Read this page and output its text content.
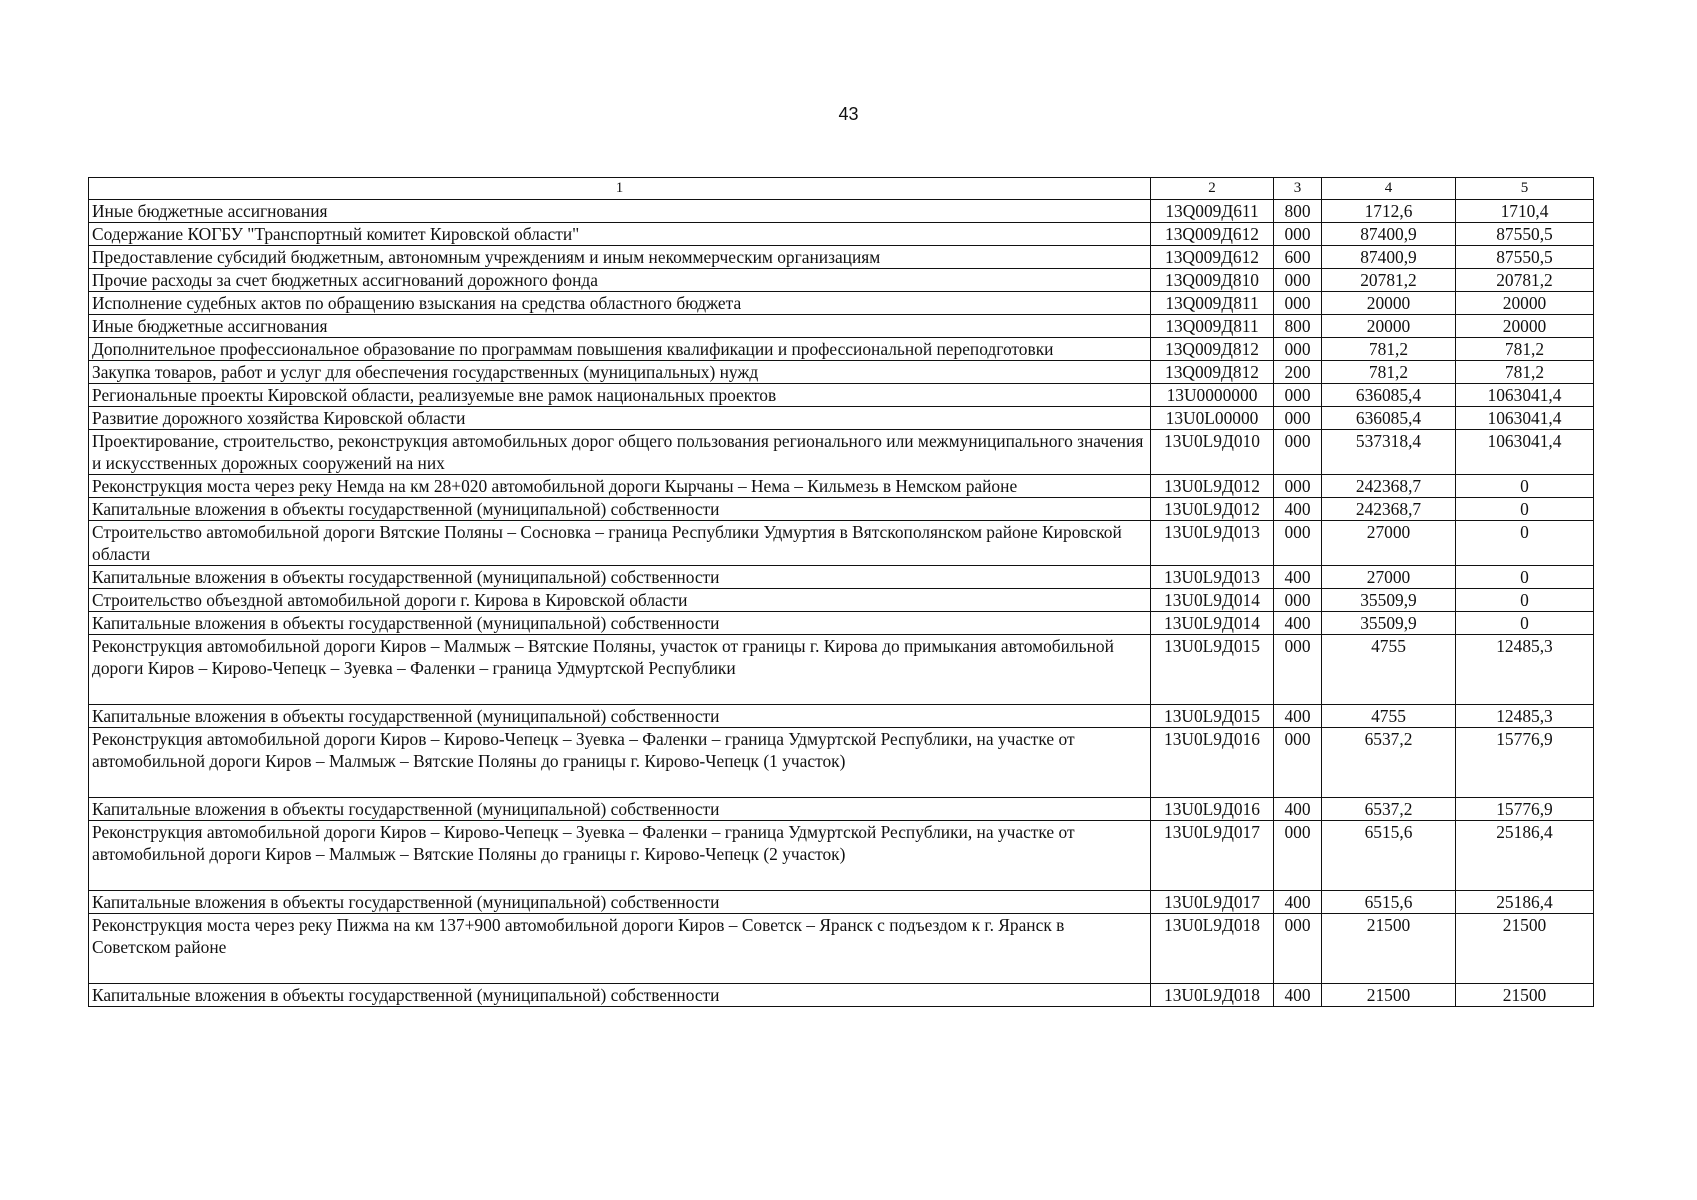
43
1	2	3	4	5
Иные бюджетные ассигнования	13Q009Д611	800	1712,6	1710,4
Содержание КОГБУ "Транспортный комитет Кировской области"	13Q009Д612	000	87400,9	87550,5
Предоставление субсидий бюджетным, автономным учреждениям и иным некоммерческим организациям	13Q009Д612	600	87400,9	87550,5
Прочие расходы за счет бюджетных ассигнований дорожного фонда	13Q009Д810	000	20781,2	20781,2
Исполнение судебных актов по обращению взыскания на средства областного бюджета	13Q009Д811	000	20000	20000
Иные бюджетные ассигнования	13Q009Д811	800	20000	20000
Дополнительное профессиональное образование по программам повышения квалификации и профессиональной переподготовки	13Q009Д812	000	781,2	781,2
Закупка товаров, работ и услуг для обеспечения государственных (муниципальных) нужд	13Q009Д812	200	781,2	781,2
Региональные проекты Кировской области, реализуемые вне рамок национальных проектов	13U0000000	000	636085,4	1063041,4
Развитие дорожного хозяйства Кировской области	13U0L00000	000	636085,4	1063041,4
Проектирование, строительство, реконструкция автомобильных дорог общего пользования регионального или межмуниципального значения и искусственных дорожных сооружений на них	13U0L9Д010	000	537318,4	1063041,4
Реконструкция моста через реку Немда на км 28+020 автомобильной дороги Кырчаны – Нема – Кильмезь в Немском районе	13U0L9Д012	000	242368,7	0
Капитальные вложения в объекты государственной (муниципальной) собственности	13U0L9Д012	400	242368,7	0
Строительство автомобильной дороги Вятские Поляны – Сосновка – граница Республики Удмуртия в Вятскополянском районе Кировской области	13U0L9Д013	000	27000	0
Капитальные вложения в объекты государственной (муниципальной) собственности	13U0L9Д013	400	27000	0
Строительство объездной автомобильной дороги г. Кирова в Кировской области	13U0L9Д014	000	35509,9	0
Капитальные вложения в объекты государственной (муниципальной) собственности	13U0L9Д014	400	35509,9	0
Реконструкция автомобильной дороги Киров – Малмыж – Вятские Поляны, участок от границы г. Кирова до примыкания автомобильной дороги Киров – Кирово-Чепецк – Зуевка – Фаленки – граница Удмуртской Республики	13U0L9Д015	000	4755	12485,3
Капитальные вложения в объекты государственной (муниципальной) собственности	13U0L9Д015	400	4755	12485,3
Реконструкция автомобильной дороги Киров – Кирово-Чепецк – Зуевка – Фаленки – граница Удмуртской Республики, на участке от автомобильной дороги Киров – Малмыж – Вятские Поляны до границы г. Кирово-Чепецк (1 участок)	13U0L9Д016	000	6537,2	15776,9
Капитальные вложения в объекты государственной (муниципальной) собственности	13U0L9Д016	400	6537,2	15776,9
Реконструкция автомобильной дороги Киров – Кирово-Чепецк – Зуевка – Фаленки – граница Удмуртской Республики, на участке от автомобильной дороги Киров – Малмыж – Вятские Поляны до границы г. Кирово-Чепецк (2 участок)	13U0L9Д017	000	6515,6	25186,4
Капитальные вложения в объекты государственной (муниципальной) собственности	13U0L9Д017	400	6515,6	25186,4
Реконструкция моста через реку Пижма на км 137+900 автомобильной дороги Киров – Советск – Яранск с подъездом к г. Яранск в Советском районе	13U0L9Д018	000	21500	21500
Капитальные вложения в объекты государственной (муниципальной) собственности	13U0L9Д018	400	21500	21500
